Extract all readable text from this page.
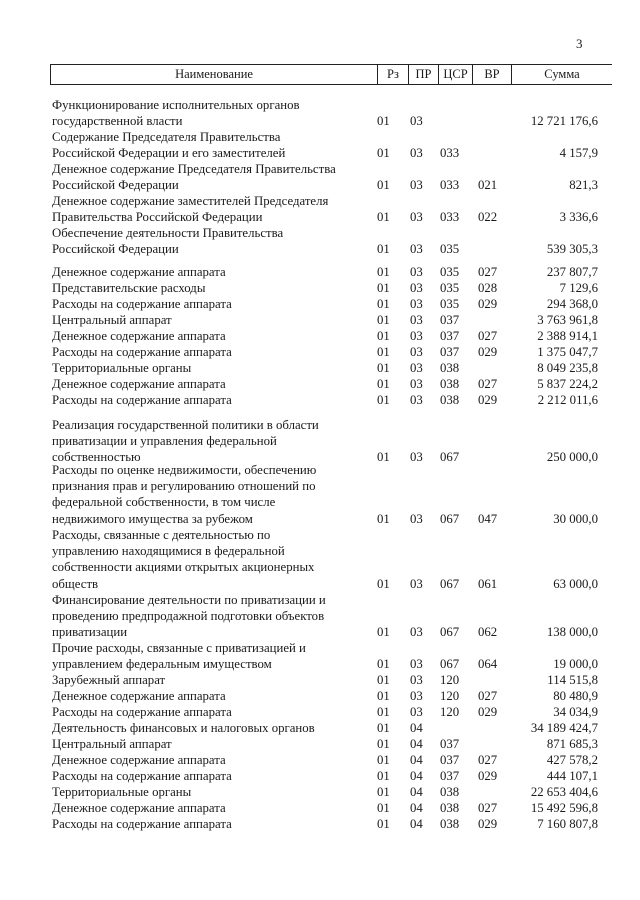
3
Наименование	Рз	ПР ЦСР	ВР	Сумма
Функционирование исполнительных органов
государственной власти	01 03	12 721 176,6
Содержание Председателя Правительства
Российской Федерации и его заместителей	01 03 033	4 157,9
Денежное содержание Председателя Правительства
Российской Федерации	01 03 033 021	821,3
Денежное содержание заместителей Председателя
Правительства Российской Федерации	01 03 033 022	3 336,6
Обеспечение деятельности Правительства
Российской Федерации	01 03 035	539 305,3
Денежное содержание аппарата	01 03 035 027	237 807,7
Представительские расходы	01 03 035 028	7 129,6
Расходы на содержание аппарата	01 03 035 029	294 368,0
Центральный аппарат	01 03 037	3 763 961,8
Денежное содержание аппарата	01 03 037 027	2 388 914,1
Расходы на содержание аппарата	01 03 037 029	1 375 047,7
Территориальные органы	01 03 038	8 049 235,8
Денежное содержание аппарата	01 03 038 027	5 837 224,2
Расходы на содержание аппарата	01 03 038 029	2 212 011,6
Реализация государственной политики в области
приватизации и управления федеральной
собственностью	01 03 067	250 000,0
Расходы по оценке недвижимости, обеспечению
признания прав и регулированию отношений по
федеральной собственности, в том числе
недвижимого имущества за рубежом	01 03 067 047	30 000,0
Расходы, связанные с деятельностью по
управлению находящимися в федеральной
собственности акциями открытых акционерных
обществ	01 03 067 061	63 000,0
Финансирование деятельности по приватизации и
проведению предпродажной подготовки объектов
приватизации	01 03 067 062	138 000,0
Прочие расходы, связанные с приватизацией и
управлением федеральным имуществом	01 03 067 064	19 000,0
Зарубежный аппарат	01 03 120	114 515,8
Денежное содержание аппарата	01 03 120 027	80 480,9
Расходы на содержание аппарата	01 03 120 029	34 034,9
Деятельность финансовых и налоговых органов	01 04	34 189 424,7
Центральный аппарат	01 04 037	871 685,3
Денежное содержание аппарата	01 04 037 027	427 578,2
Расходы на содержание аппарата	01 04 037 029	444 107,1
Территориальные органы	01 04 038	22 653 404,6
Денежное содержание аппарата	01 04 038 027	15 492 596,8
Расходы на содержание аппарата	01 04 038 029	7 160 807,8
